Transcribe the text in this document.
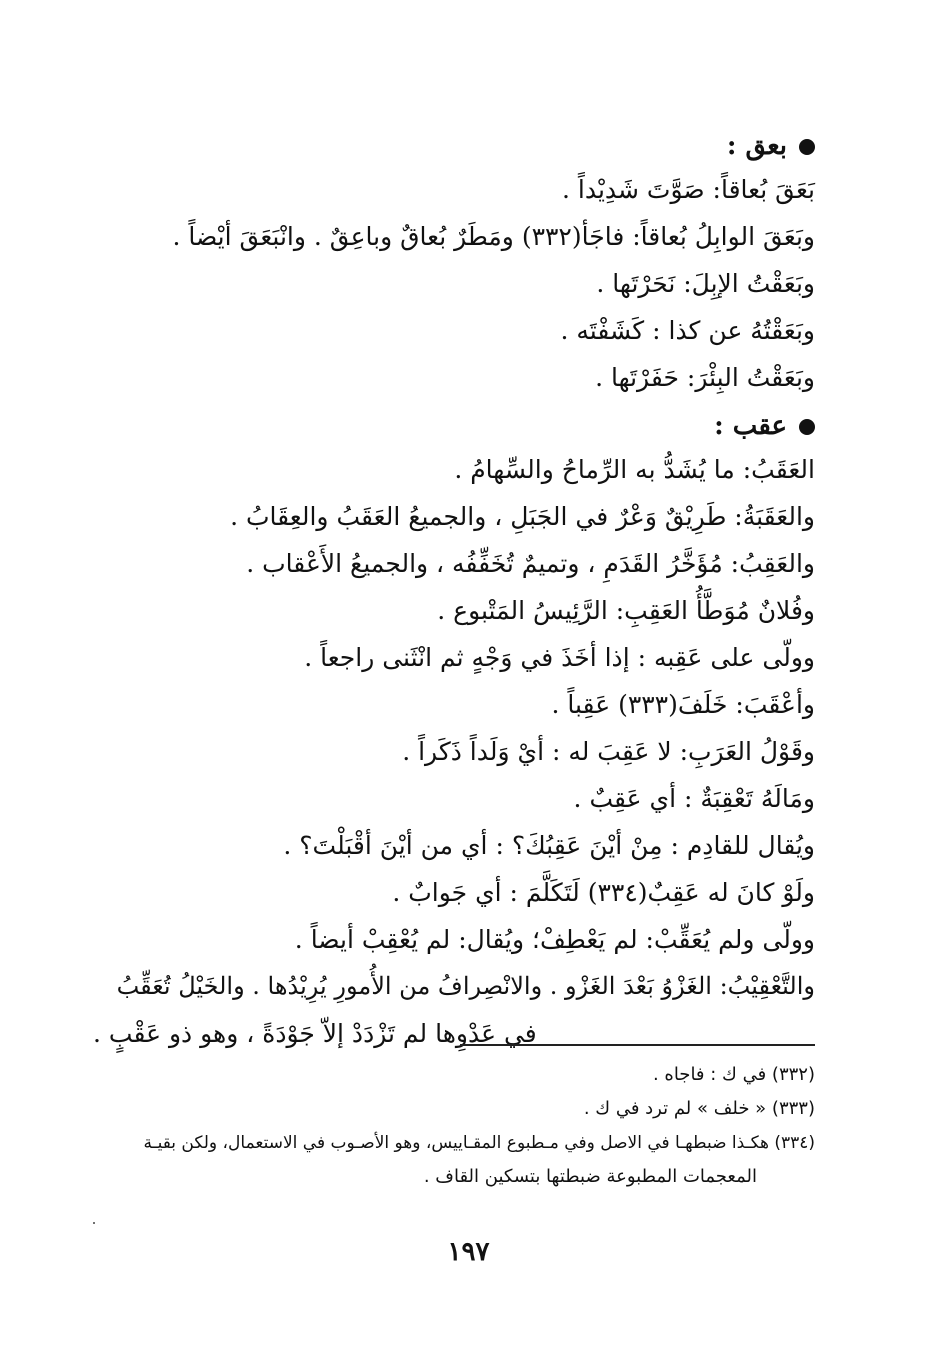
بعق :
بَعَقَ بُعاقاً: صَوَّتَ شَدِيْداً .
وبَعَقَ الوابِلُ بُعاقاً: فاجَأ(٣٣٢) ومَطَرٌ بُعاقٌ وباعِقٌ . وانْبَعَقَ أيْضاً .
وبَعَقْتُ الإبِلَ: نَحَرْتَها .
وبَعَقْتُهُ عن كذا : كَشَفْتَه .
وبَعَقْتُ البِئْرَ: حَفَرْتَها .
عقب :
العَقَبُ: ما يُشَدُّ به الرِّماحُ والسِّهامُ .
والعَقَبَةُ: طَرِيْقٌ وَعْرٌ في الجَبَلِ ، والجميعُ العَقَبُ والعِقَابُ .
والعَقِبُ: مُؤَخَّرُ القَدَمِ ، وتميمٌ تُخَفِّفُه ، والجميعُ الأَعْقاب .
وفُلانٌ مُوَطَّأُ العَقِبِ: الرَّئِيسُ المَتْبوع .
وولّى على عَقِبه : إذا أخَذَ في وَجْهٍ ثم انْثَنى راجعاً .
وأعْقَبَ: خَلَفَ(٣٣٣) عَقِباً .
وقَوْلُ العَرَبِ: لا عَقِبَ له : أيْ وَلَداً ذَكَراً .
ومَالَهُ تَعْقِبَةٌ : أي عَقِبٌ .
ويُقال للقادِم : مِنْ أيْنَ عَقِبُكَ؟ : أي من أيْنَ أقْبَلْتَ؟ .
ولَوْ كانَ له عَقِبٌ(٣٣٤) لَتَكَلَّمَ : أي جَوابٌ .
وولّى ولم يُعَقِّبْ: لم يَعْطِفْ؛ ويُقال: لم يُعْقِبْ أيضاً .
والتَّعْقِيْبُ: الغَزْوُ بَعْدَ الغَزْو . والانْصِرافُ من الأُمورِ يُرِيْدُها . والخَيْلُ تُعَقِّبُ
في عَدْوِها لم تَزْدَدْ إلاّ جَوْدَةً ، وهو ذو عَقْبٍ .
(٣٣٢) في ك : فاجاه .
(٣٣٣) « خلف » لم ترد في ك .
(٣٣٤) هكـذا ضبطهـا في الاصل وفي مـطبوع المقـاييس، وهو الأصـوب في الاستعمال، ولكن بقيـة
المعجمات المطبوعة ضبطتها بتسكين القاف .
١٩٧
